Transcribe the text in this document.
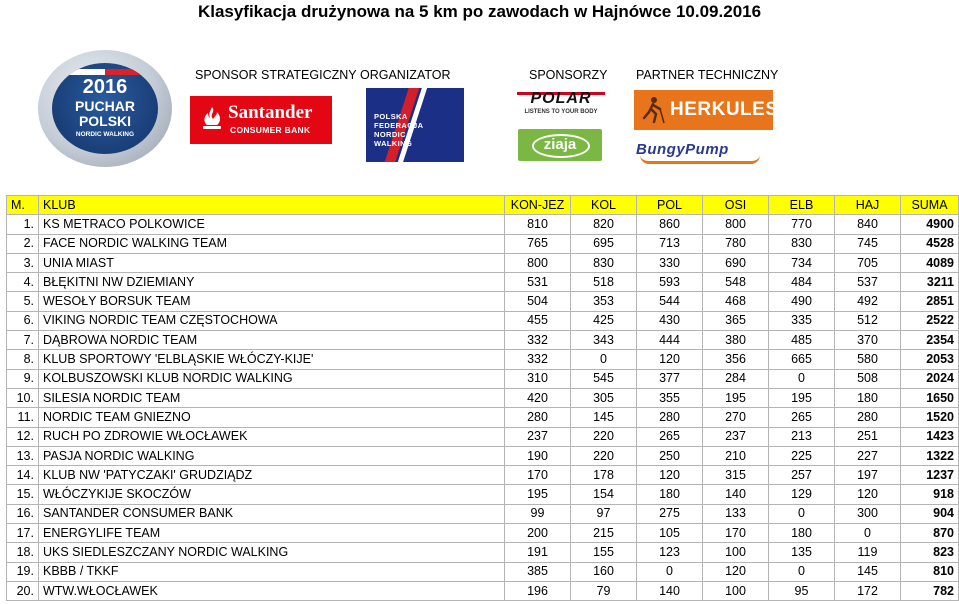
Klasyfikacja drużynowa na 5 km po zawodach w Hajnówce 10.09.2016
SPONSOR STRATEGICZNY ORGANIZATOR	SPONSORZY PARTNER TECHNICZNY
2016
PUCHAR
POLSKI
NORDIC WALKING
Santander
CONSUMER BANK
POLSKA
FEDERACJA
NORDIC
WALKING
POLAR
LISTENS TO YOUR BODY
ziaja
HERKULES
BungyPump
M.	KLUB	KON-JEZ	KOL	POL	OSI	ELB	HAJ	SUMA
1.	KS METRACO POLKOWICE	810	820	860	800	770	840	4900
2.	FACE NORDIC WALKING TEAM	765	695	713	780	830	745	4528
3.	UNIA MIAST	800	830	330	690	734	705	4089
4.	BŁĘKITNI NW DZIEMIANY	531	518	593	548	484	537	3211
5.	WESOŁY BORSUK TEAM	504	353	544	468	490	492	2851
6.	VIKING NORDIC TEAM CZĘSTOCHOWA	455	425	430	365	335	512	2522
7.	DĄBROWA NORDIC TEAM	332	343	444	380	485	370	2354
8.	KLUB SPORTOWY 'ELBLĄSKIE WŁÓCZY-KIJE'	332	0	120	356	665	580	2053
9.	KOLBUSZOWSKI KLUB NORDIC WALKING	310	545	377	284	0	508	2024
10.	SILESIA NORDIC TEAM	420	305	355	195	195	180	1650
11.	NORDIC TEAM GNIEZNO	280	145	280	270	265	280	1520
12.	RUCH PO ZDROWIE WŁOCŁAWEK	237	220	265	237	213	251	1423
13.	PASJA NORDIC WALKING	190	220	250	210	225	227	1322
14.	KLUB NW 'PATYCZAKI' GRUDZIĄDZ	170	178	120	315	257	197	1237
15.	WŁÓCZYKIJE SKOCZÓW	195	154	180	140	129	120	918
16.	SANTANDER CONSUMER BANK	99	97	275	133	0	300	904
17.	ENERGYLIFE TEAM	200	215	105	170	180	0	870
18.	UKS SIEDLESZCZANY NORDIC WALKING	191	155	123	100	135	119	823
19.	KBBB / TKKF	385	160	0	120	0	145	810
20.	WTW.WŁOCŁAWEK	196	79	140	100	95	172	782
